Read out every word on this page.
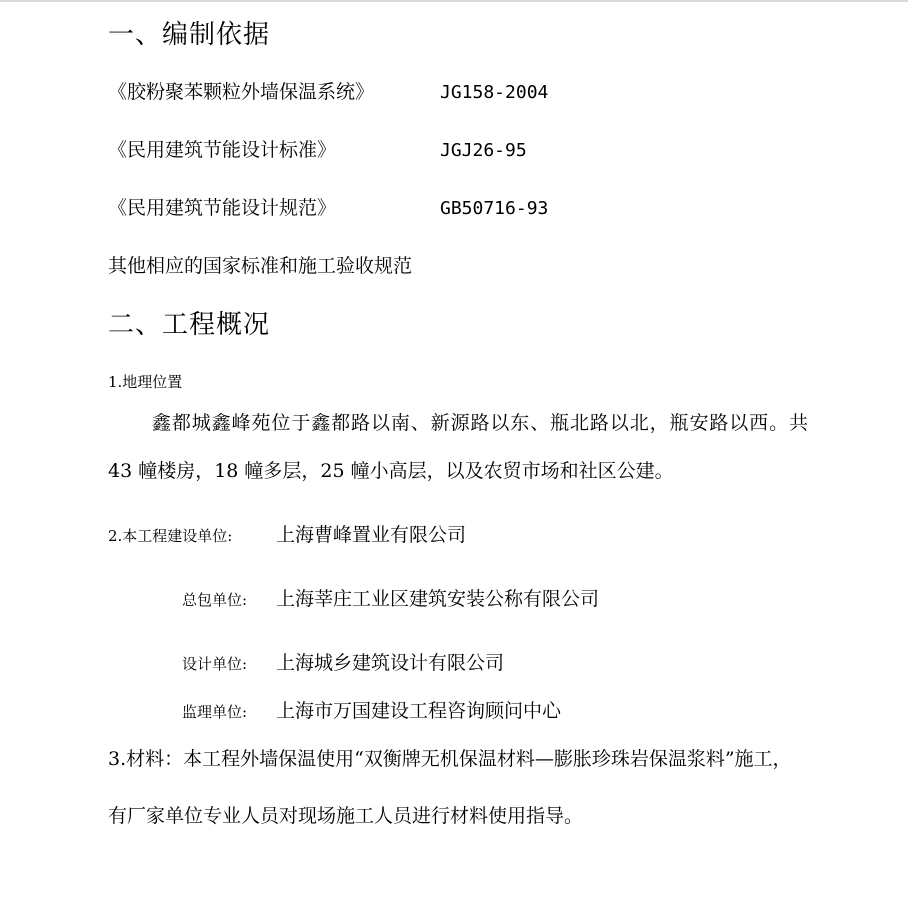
一、编制依据
《胶粉聚苯颗粒外墙保温系统》	JG158-2004
《民用建筑节能设计标准》	JGJ26-95
《民用建筑节能设计规范》	GB50716-93
其他相应的国家标准和施工验收规范
二、工程概况
1.地理位置
鑫都城鑫峰苑位于鑫都路以南、新源路以东、瓶北路以北，瓶安路以西。共 43 幢楼房，18 幢多层，25 幢小高层，以及农贸市场和社区公建。
2.本工程建设单位: 上海曹峰置业有限公司
总包单位: 上海莘庄工业区建筑安装公称有限公司
设计单位: 上海城乡建筑设计有限公司
监理单位: 上海市万国建设工程咨询顾问中心
3.材料：本工程外墙保温使用“双衡牌无机保温材料—膨胀珍珠岩保温浆料”施工，有厂家单位专业人员对现场施工人员进行材料使用指导。
